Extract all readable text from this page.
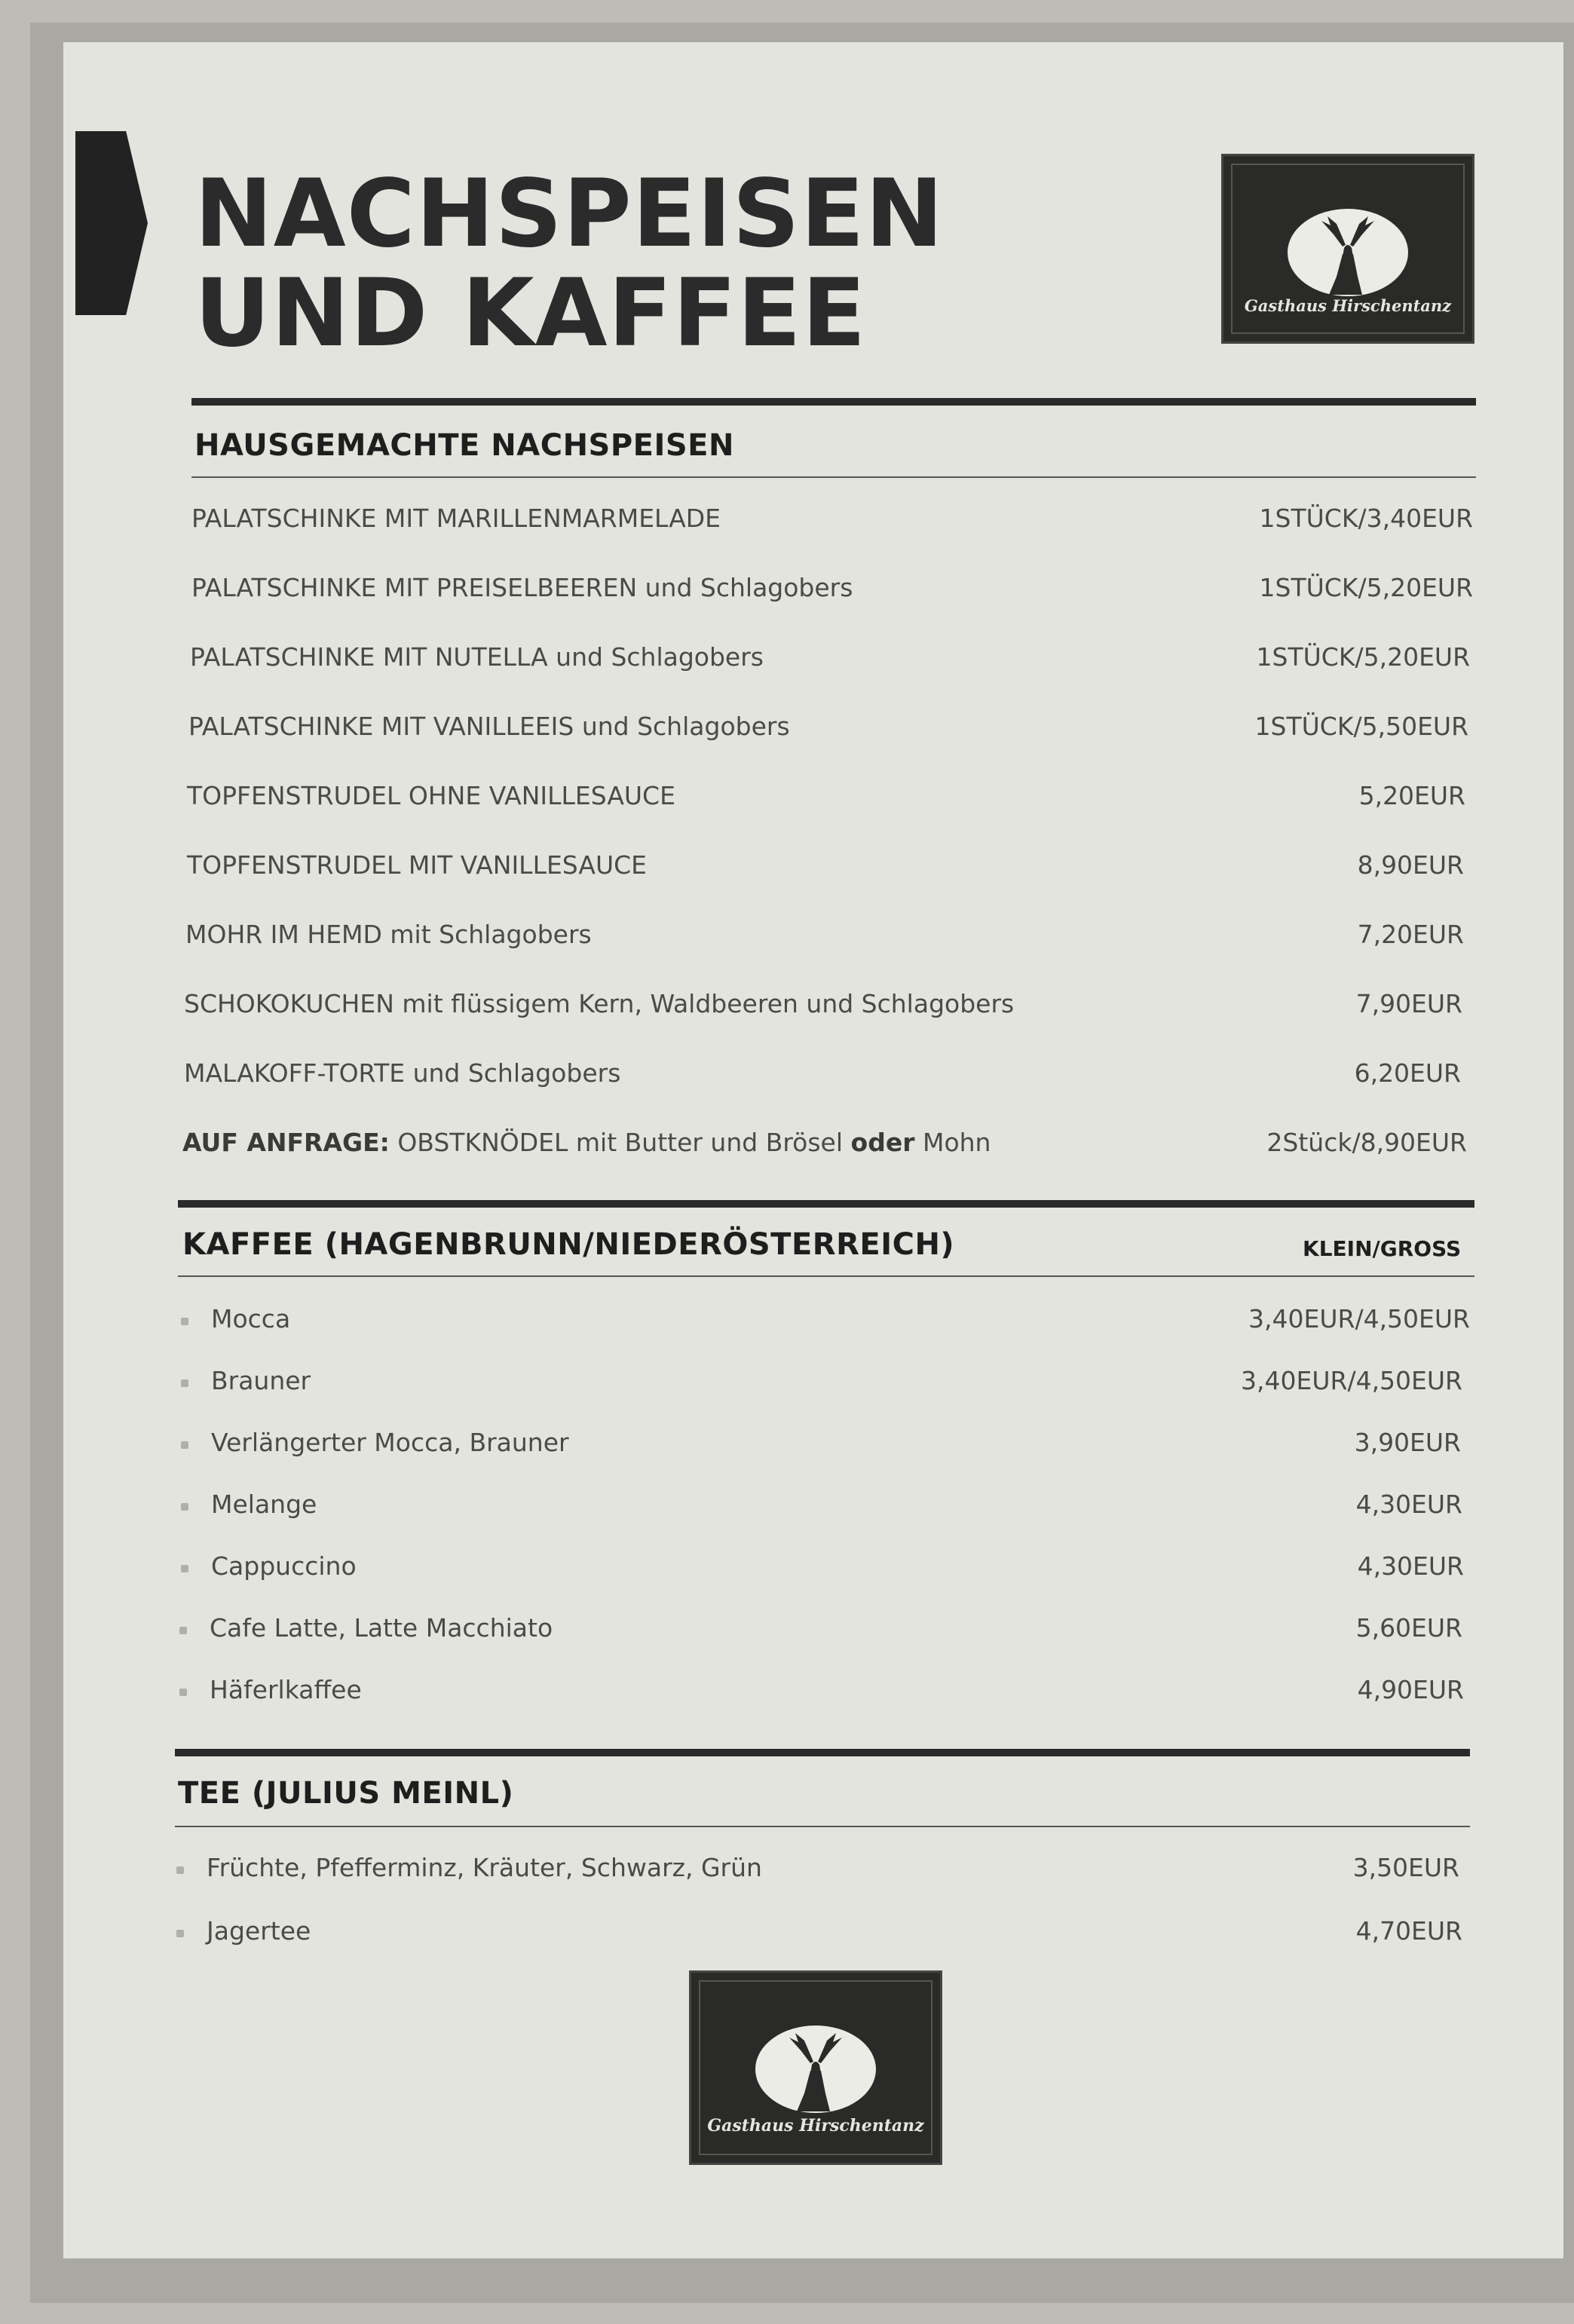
NACHSPEISEN
UND KAFFEE	Gasthaus Hirschentanz
HAUSGEMACHTE NACHSPEISEN
PALATSCHINKE MIT MARILLENMARMELADE	1STÜCK/3,40EUR
PALATSCHINKE MIT PREISELBEEREN und Schlagobers	1STÜCK/5,20EUR
PALATSCHINKE MIT NUTELLA und Schlagobers	1STÜCK/5,20EUR
PALATSCHINKE MIT VANILLEEIS und Schlagobers	1STÜCK/5,50EUR
TOPFENSTRUDEL OHNE VANILLESAUCE	5,20EUR
TOPFENSTRUDEL MIT VANILLESAUCE	8,90EUR
MOHR IM HEMD mit Schlagobers	7,20EUR
SCHOKOKUCHEN mit flüssigem Kern, Waldbeeren und Schlagobers	7,90EUR
MALAKOFF-TORTE und Schlagobers	6,20EUR
AUF ANFRAGE: OBSTKNÖDEL mit Butter und Brösel oder Mohn	2Stück/8,90EUR
KAFFEE (HAGENBRUNN/NIEDERÖSTERREICH)	KLEIN/GROSS
Mocca	3,40EUR/4,50EUR
Brauner	3,40EUR/4,50EUR
Verlängerter Mocca, Brauner	3,90EUR
Melange	4,30EUR
Cappuccino	4,30EUR
Cafe Latte, Latte Macchiato	5,60EUR
Häferlkaffee	4,90EUR
TEE (JULIUS MEINL)
Früchte, Pfefferminz, Kräuter, Schwarz, Grün	3,50EUR
Jagertee	4,70EUR
Gasthaus Hirschentanz
